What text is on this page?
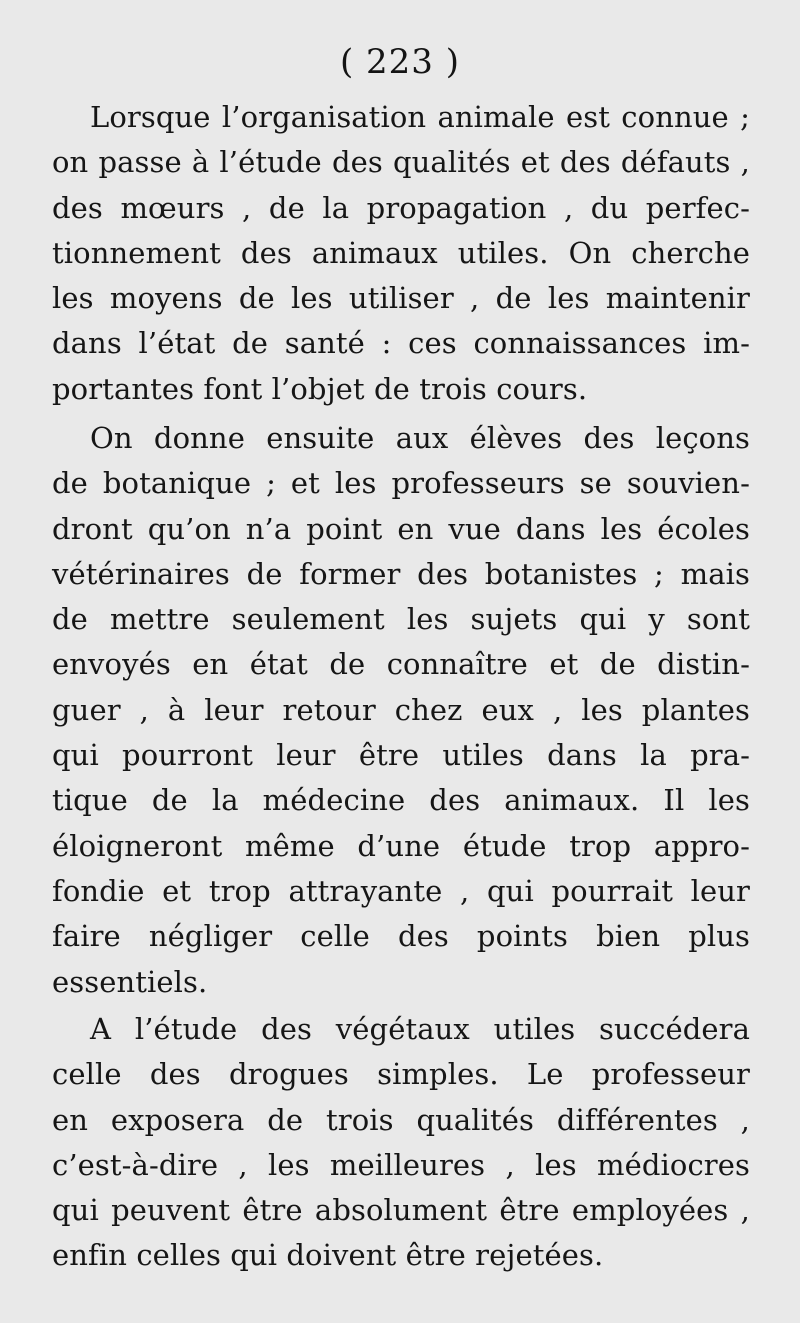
( 223 )
Lorsque l’organisation animale est connue ;
on passe à l’étude des qualités et des défauts ,
des mœurs , de la propagation , du perfec-
tionnement des animaux utiles. On cherche
les moyens de les utiliser , de les maintenir
dans l’état de santé : ces connaissances im-
portantes font l’objet de trois cours.
On donne ensuite aux élèves des leçons
de botanique ; et les professeurs se souvien-
dront qu’on n’a point en vue dans les écoles
vétérinaires de former des botanistes ; mais
de mettre seulement les sujets qui y sont
envoyés en état de connaître et de distin-
guer , à leur retour chez eux , les plantes
qui pourront leur être utiles dans la pra-
tique de la médecine des animaux. Il les
éloigneront même d’une étude trop appro-
fondie et trop attrayante , qui pourrait leur
faire négliger celle des points bien plus
essentiels.
A l’étude des végétaux utiles succédera
celle des drogues simples. Le professeur
en exposera de trois qualités différentes ,
c’est-à-dire , les meilleures , les médiocres
qui peuvent être absolument être employées ,
enfin celles qui doivent être rejetées.
